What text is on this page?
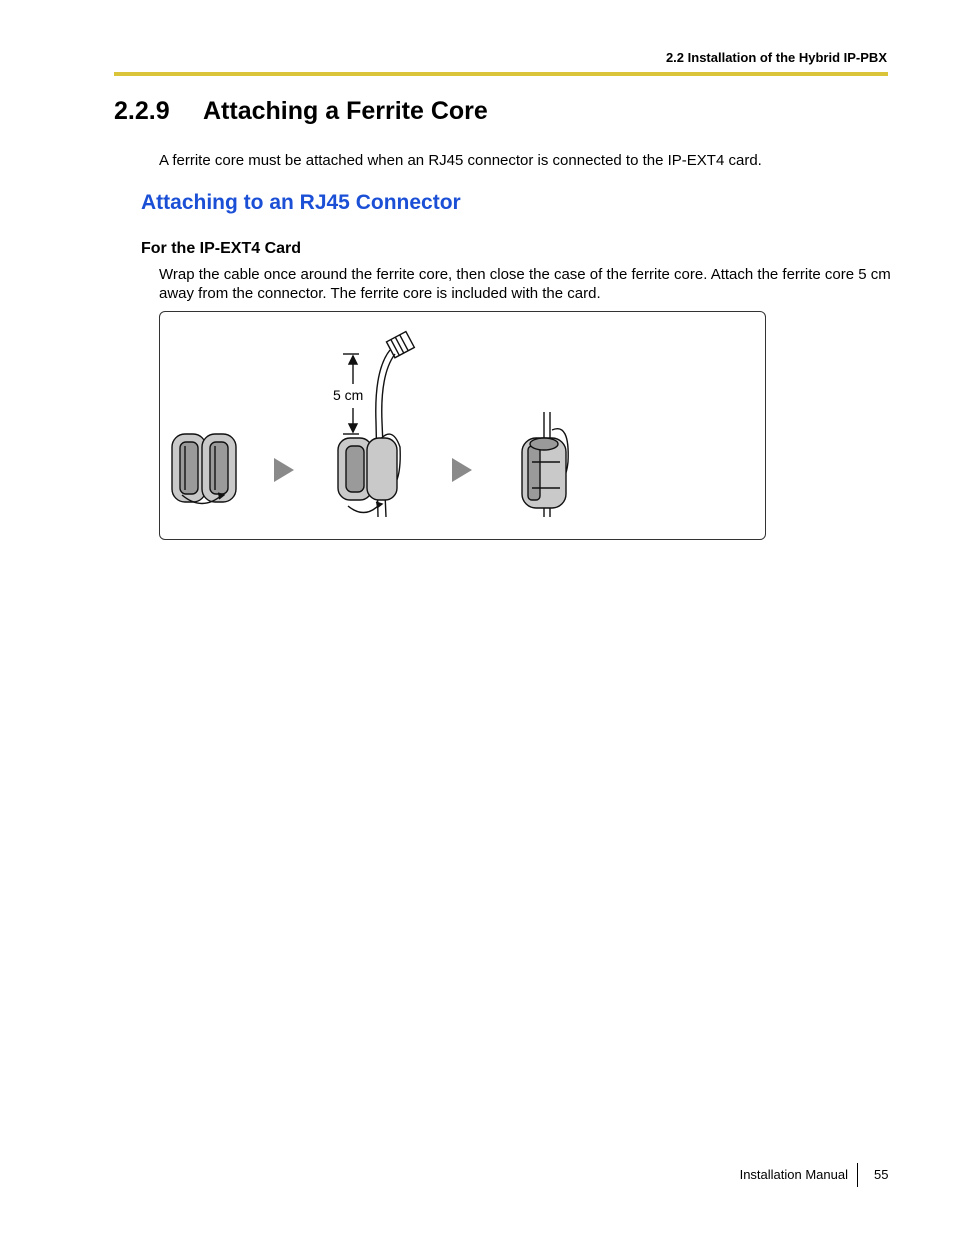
2.2 Installation of the Hybrid IP-PBX
2.2.9 Attaching a Ferrite Core
A ferrite core must be attached when an RJ45 connector is connected to the IP-EXT4 card.
Attaching to an RJ45 Connector
For the IP-EXT4 Card
Wrap the cable once around the ferrite core, then close the case of the ferrite core. Attach the ferrite core 5 cm away from the connector. The ferrite core is included with the card.
5 cm
Installation Manual 55
